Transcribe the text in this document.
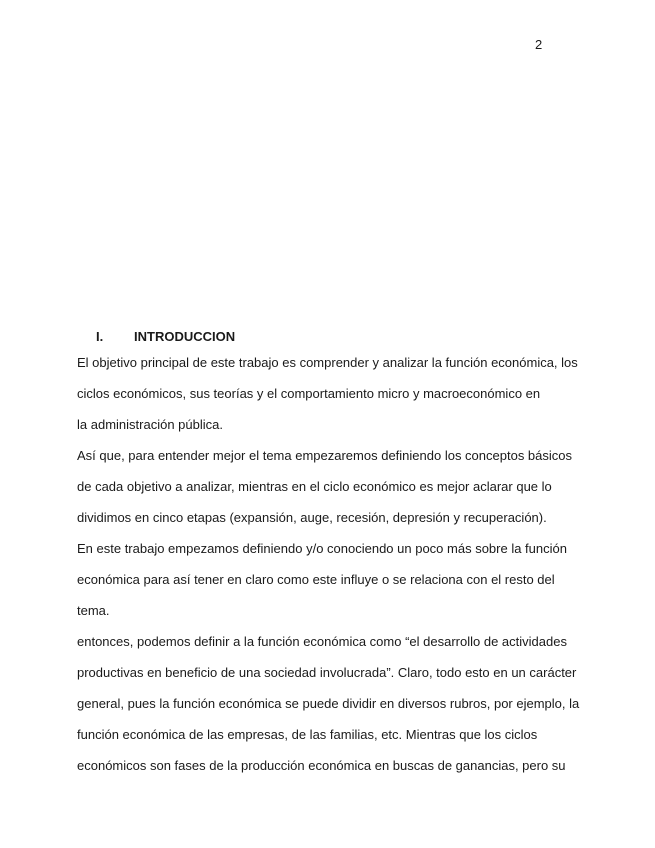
2
I. INTRODUCCION
El objetivo principal de este trabajo es comprender y analizar la función económica, los
ciclos económicos, sus teorías y el comportamiento micro y macroeconómico en
la administración pública.
Así que, para entender mejor el tema empezaremos definiendo los conceptos básicos
de cada objetivo a analizar, mientras en el ciclo económico es mejor aclarar que lo
dividimos en cinco etapas (expansión, auge, recesión, depresión y recuperación).
En este trabajo empezamos definiendo y/o conociendo un poco más sobre la función
económica para así tener en claro como este influye o se relaciona con el resto del
tema.
entonces, podemos definir a la función económica como “el desarrollo de actividades
productivas en beneficio de una sociedad involucrada”. Claro, todo esto en un carácter
general, pues la función económica se puede dividir en diversos rubros, por ejemplo, la
función económica de las empresas, de las familias, etc. Mientras que los ciclos
económicos son fases de la producción económica en buscas de ganancias, pero su
